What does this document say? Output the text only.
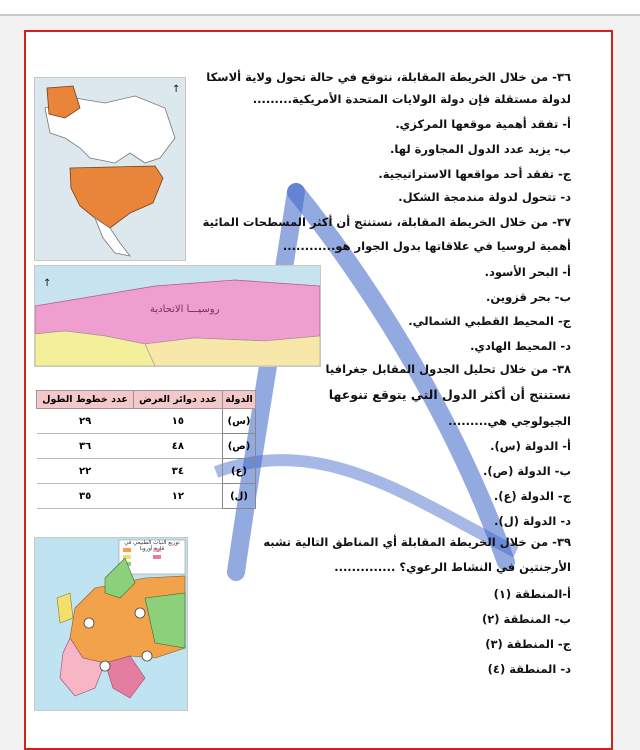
٣٦- من خلال الخريطة المقابلة، نتوقع في حالة تحول ولاية ألاسكا
لدولة مستقلة فإن دولة الولايات المتحدة الأمريكية.........
أ- تفقد أهمية موقعها المركزي.
ب- يزيد عدد الدول المجاورة لها.
ج- تفقد أحد مواقعها الاستراتيجية.
د- تتحول لدولة مندمجة الشكل.
↑
٣٧- من خلال الخريطة المقابلة، نستنتج أن أكثر المسطحات المائية
أهمية لروسيا في علاقاتها بدول الجوار هو............
أ- البحر الأسود.
ب- بحر قزوين.
ج- المحيط القطبي الشمالي.
د- المحيط الهادي.
↑
روسيـــا الاتحادية
٣٨- من خلال تحليل الجدول المقابل جغرافيا
نستنتج أن أكثر الدول التي يتوقع تنوعها
الجيولوجي هي.........
أ- الدولة (س).
ب- الدولة (ص).
ج- الدولة (ع).
د- الدولة (ل).
الدولة	عدد دوائر العرض	عدد خطوط الطول
(س)	١٥	٢٩
(ص)	٤٨	٣٦
(ع)	٣٤	٢٢
(ل)	١٢	٣٥
٣٩- من خلال الخريطة المقابلة أي المناطق التالية تشبه
الأرجنتين في النشاط الرعوي؟ ..............
أ-المنطقة (١)
ب- المنطقة (٢)
ج- المنطقة (٣)
د- المنطقة (٤)
توزيع النبات الطبيعي في قارة أوروبا
